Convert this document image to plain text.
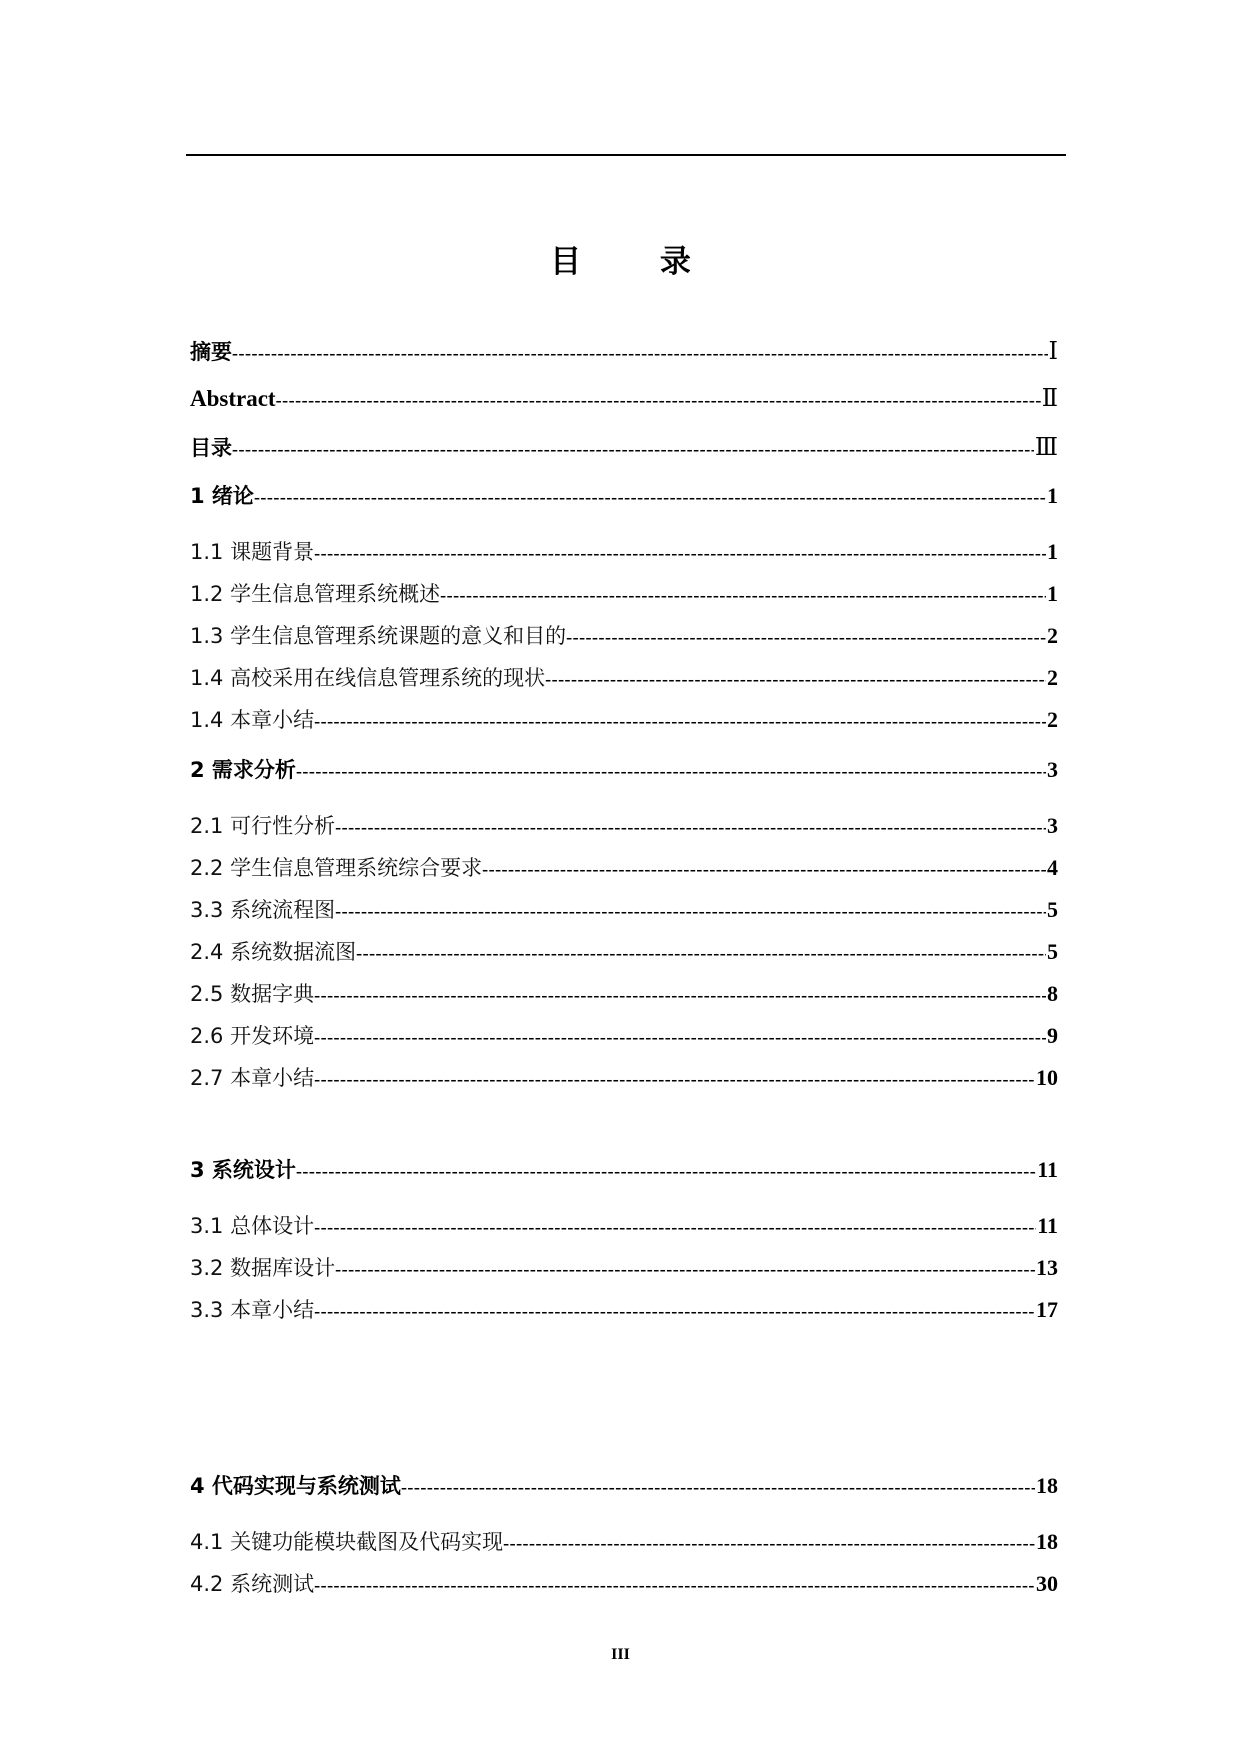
目 录
摘要 -----	Ⅰ
Abstract -----	Ⅱ
目录 -----	Ⅲ
1 绪论 -----	1
1.1 课题背景 -----	1
1.2 学生信息管理系统概述 -----	1
1.3 学生信息管理系统课题的意义和目的 -----	2
1.4 高校采用在线信息管理系统的现状 -----	2
1.4 本章小结 -----	2
2 需求分析 -----	3
2.1 可行性分析 -----	3
2.2 学生信息管理系统综合要求 -----	4
3.3 系统流程图 -----	5
2.4 系统数据流图 -----	5
2.5 数据字典 -----	8
2.6 开发环境 -----	9
2.7 本章小结 -----	10
3 系统设计 -----	11
3.1 总体设计 -----	11
3.2 数据库设计 -----	13
3.3 本章小结 -----	17
4 代码实现与系统测试 -----	18
4.1 关键功能模块截图及代码实现 -----	18
4.2 系统测试 -----	30
III
